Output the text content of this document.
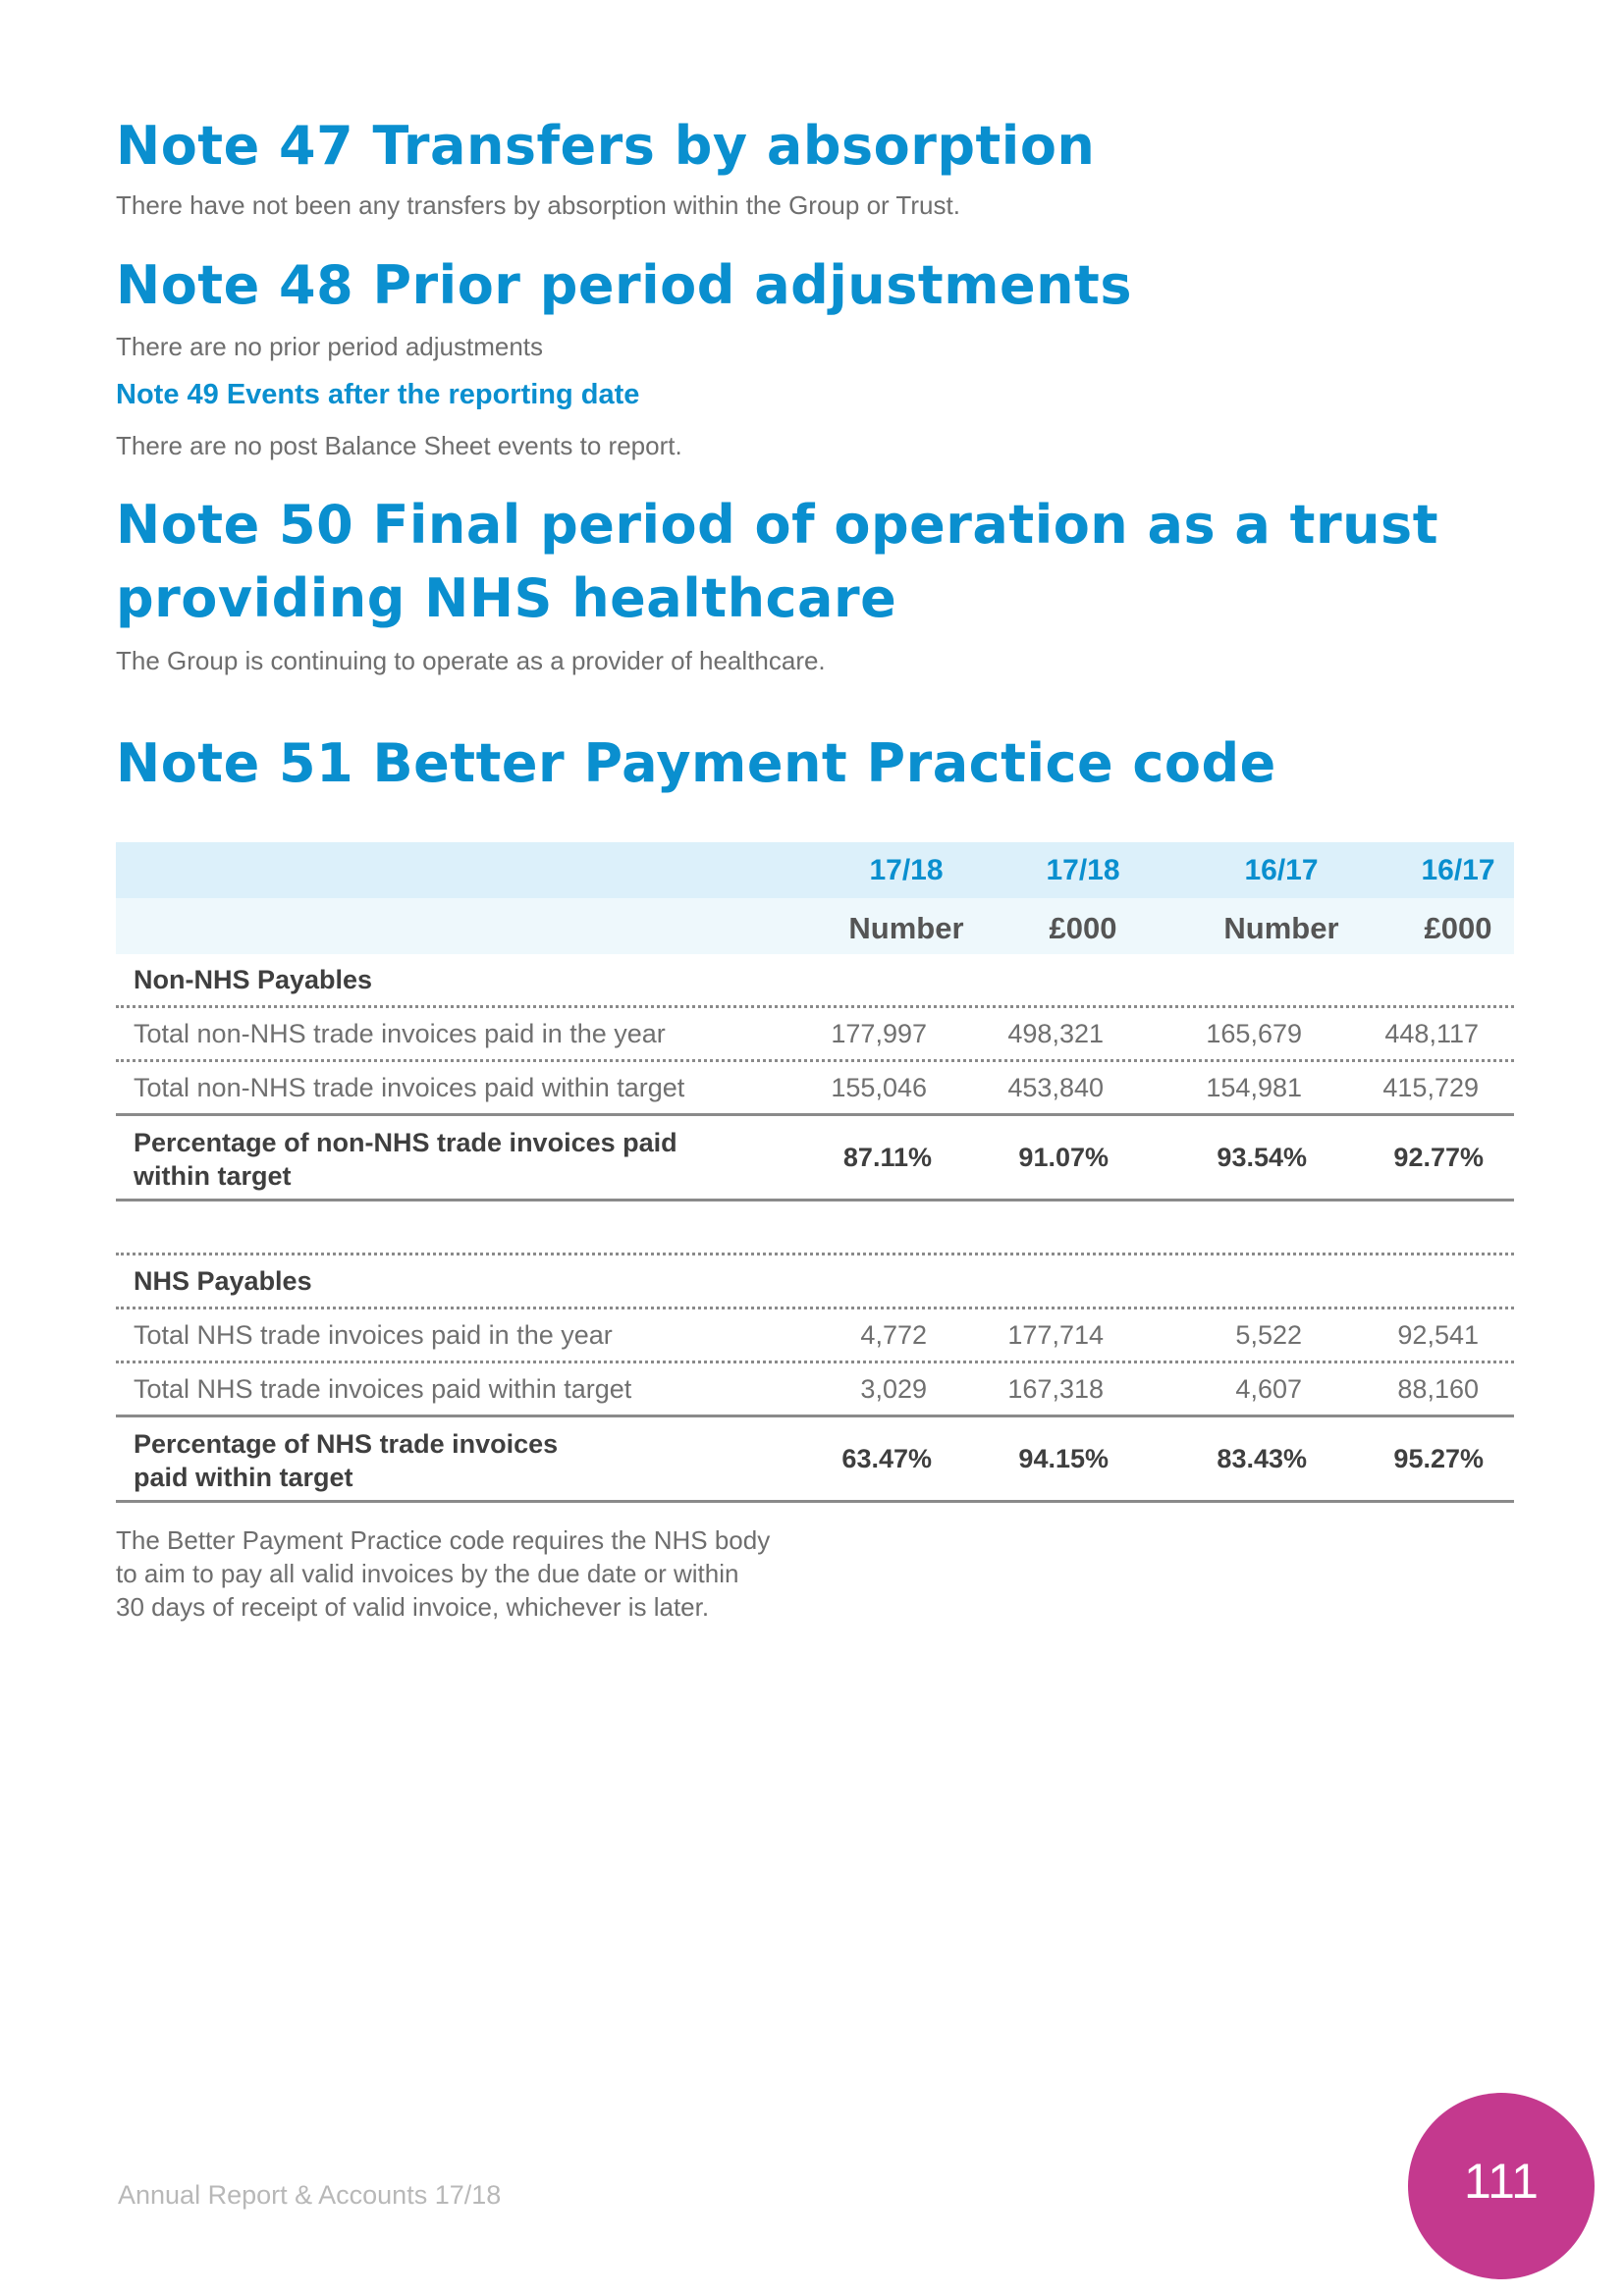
Note 47 Transfers by absorption

There have not been any transfers by absorption within the Group or Trust.

Note 48 Prior period adjustments

There are no prior period adjustments

Note 49 Events after the reporting date

There are no post Balance Sheet events to report.

Note 50 Final period of operation as a trust
providing NHS healthcare

The Group is continuing to operate as a provider of healthcare.

Note 51 Better Payment Practice code
17/18	17/18	16/17	16/17
Number	£000	Number	£000
Non-NHS Payables
Total non-NHS trade invoices paid in the year	177,997	498,321	165,679	448,117
Total non-NHS trade invoices paid within target	155,046	453,840	154,981	415,729
Percentage of non-NHS trade invoices paid
within target
87.11%	91.07%	93.54%	92.77%
NHS Payables
Total NHS trade invoices paid in the year	4,772	177,714	5,522	92,541
Total NHS trade invoices paid within target	3,029	167,318	4,607	88,160
Percentage of NHS trade invoices
paid within target
63.47%	94.15%	83.43%	95.27%

The Better Payment Practice code requires the NHS body
to aim to pay all valid invoices by the due date or within
30 days of receipt of valid invoice, whichever is later.

Annual Report & Accounts 17/18	111
